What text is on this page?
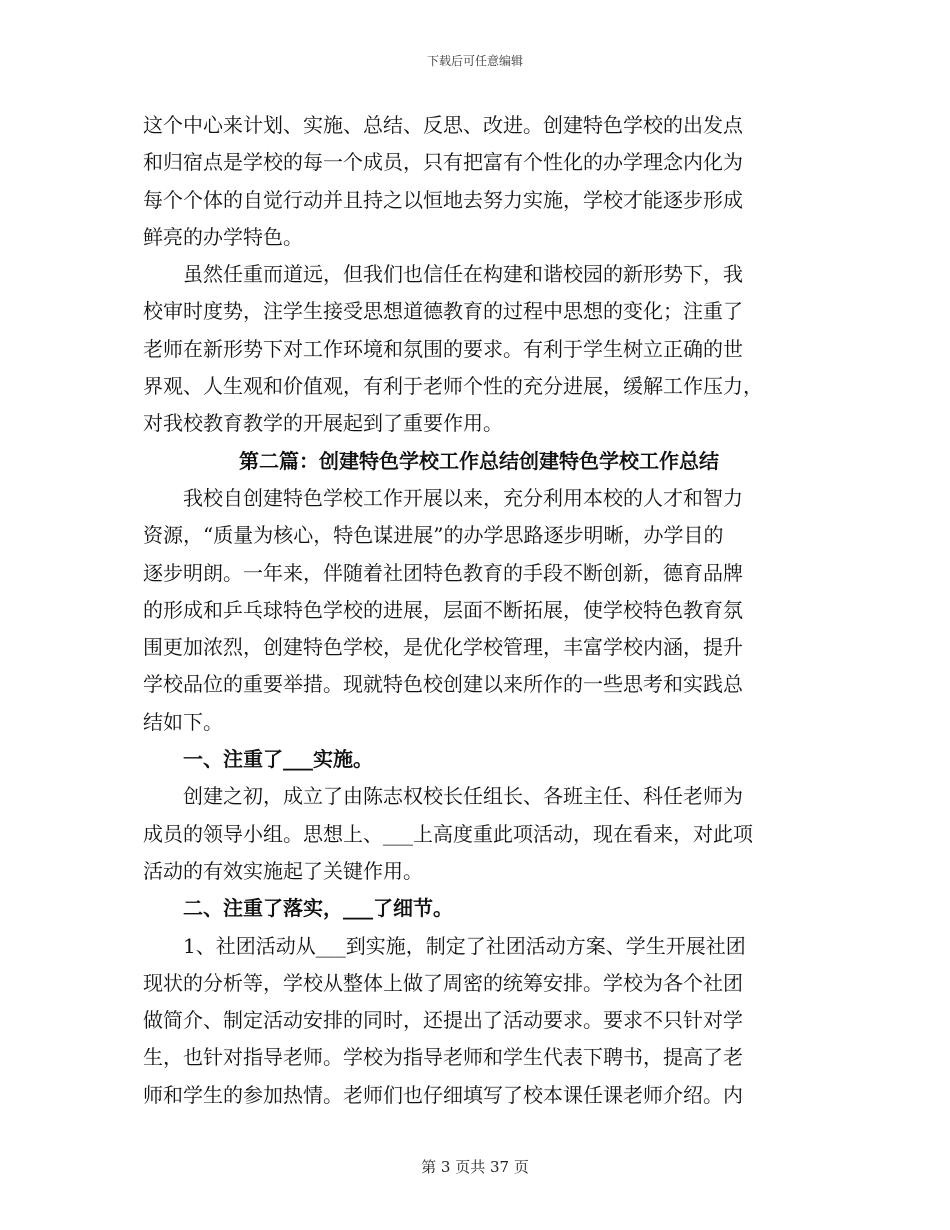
下载后可任意编辑
这个中心来计划、实施、总结、反思、改进。创建特色学校的出发点
和归宿点是学校的每一个成员，只有把富有个性化的办学理念内化为
每个个体的自觉行动并且持之以恒地去努力实施，学校才能逐步形成
鲜亮的办学特色。
虽然任重而道远，但我们也信任在构建和谐校园的新形势下，我
校审时度势，注学生接受思想道德教育的过程中思想的变化；注重了
老师在新形势下对工作环境和氛围的要求。有利于学生树立正确的世
界观、人生观和价值观，有利于老师个性的充分进展，缓解工作压力，
对我校教育教学的开展起到了重要作用。
第二篇：创建特色学校工作总结创建特色学校工作总结
我校自创建特色学校工作开展以来，充分利用本校的人才和智力
资源，“质量为核心，特色谋进展”的办学思路逐步明晰，办学目的
逐步明朗。一年来，伴随着社团特色教育的手段不断创新，德育品牌
的形成和乒乓球特色学校的进展，层面不断拓展，使学校特色教育氛
围更加浓烈，创建特色学校，是优化学校管理，丰富学校内涵，提升
学校品位的重要举措。现就特色校创建以来所作的一些思考和实践总
结如下。
一、注重了___实施。
创建之初，成立了由陈志权校长任组长、各班主任、科任老师为
成员的领导小组。思想上、___上高度重此项活动，现在看来，对此项
活动的有效实施起了关键作用。
二、注重了落实，___了细节。
1、社团活动从___到实施，制定了社团活动方案、学生开展社团
现状的分析等，学校从整体上做了周密的统筹安排。学校为各个社团
做简介、制定活动安排的同时，还提出了活动要求。要求不只针对学
生，也针对指导老师。学校为指导老师和学生代表下聘书，提高了老
师和学生的参加热情。老师们也仔细填写了校本课任课老师介绍。内
第 3 页共 37 页
